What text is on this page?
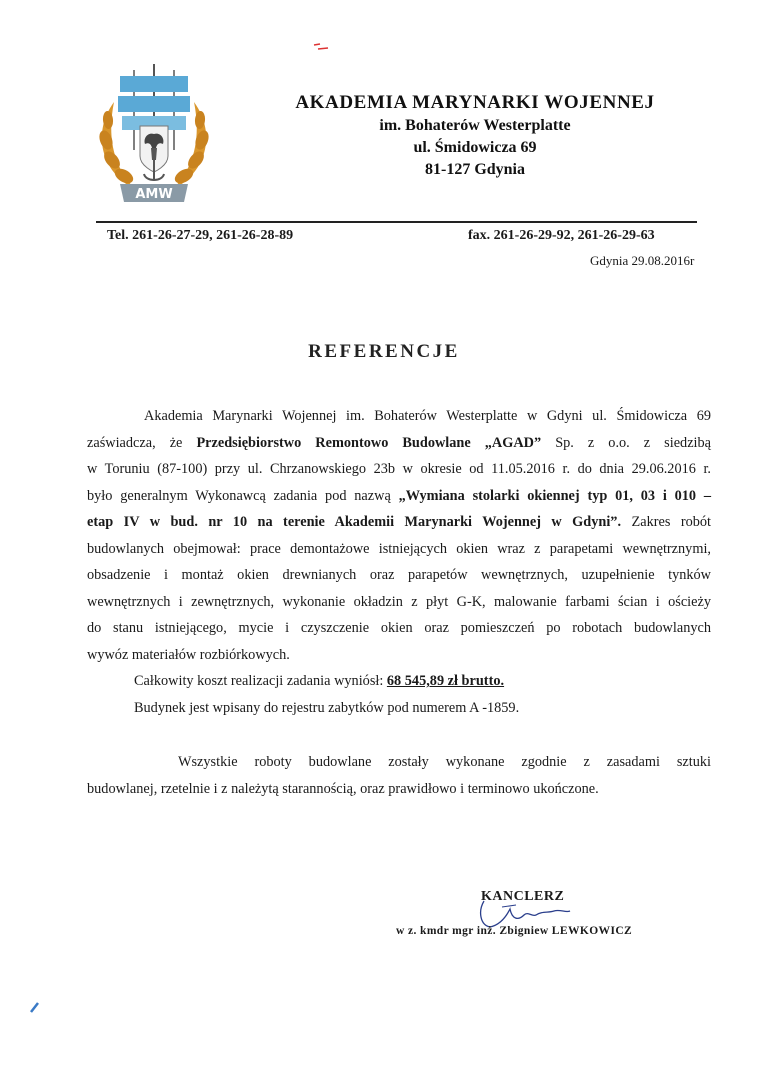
AMW
AKADEMIA MARYNARKI WOJENNEJ
im. Bohaterów Westerplatte
ul. Śmidowicza 69
81-127 Gdynia
Tel. 261-26-27-29, 261-26-28-89	fax. 261-26-29-92, 261-26-29-63
Gdynia 29.08.2016r
REFERENCJE
Akademia Marynarki Wojennej im. Bohaterów Westerplatte w Gdyni ul. Śmidowicza 69
zaświadcza, że Przedsiębiorstwo Remontowo Budowlane „AGAD” Sp. z o.o. z siedzibą
w Toruniu (87-100) przy ul. Chrzanowskiego 23b w okresie od 11.05.2016 r. do dnia 29.06.2016 r.
było generalnym Wykonawcą zadania pod nazwą „Wymiana stolarki okiennej typ 01, 03 i 010 –
etap IV w bud. nr 10 na terenie Akademii Marynarki Wojennej w Gdyni”. Zakres robót
budowlanych obejmował: prace demontażowe istniejących okien wraz z parapetami wewnętrznymi,
obsadzenie i montaż okien drewnianych oraz parapetów wewnętrznych, uzupełnienie tynków
wewnętrznych i zewnętrznych, wykonanie okładzin z płyt G-K, malowanie farbami ścian i ościeży
do stanu istniejącego, mycie i czyszczenie okien oraz pomieszczeń po robotach budowlanych
wywóz materiałów rozbiórkowych.
Całkowity koszt realizacji zadania wyniósł: 68 545,89 zł brutto.
Budynek jest wpisany do rejestru zabytków pod numerem A -1859.
Wszystkie roboty budowlane zostały wykonane zgodnie z zasadami sztuki
budowlanej, rzetelnie i z należytą starannością, oraz prawidłowo i terminowo ukończone.
KANCLERZ
w z. kmdr mgr inż. Zbigniew LEWKOWICZ
